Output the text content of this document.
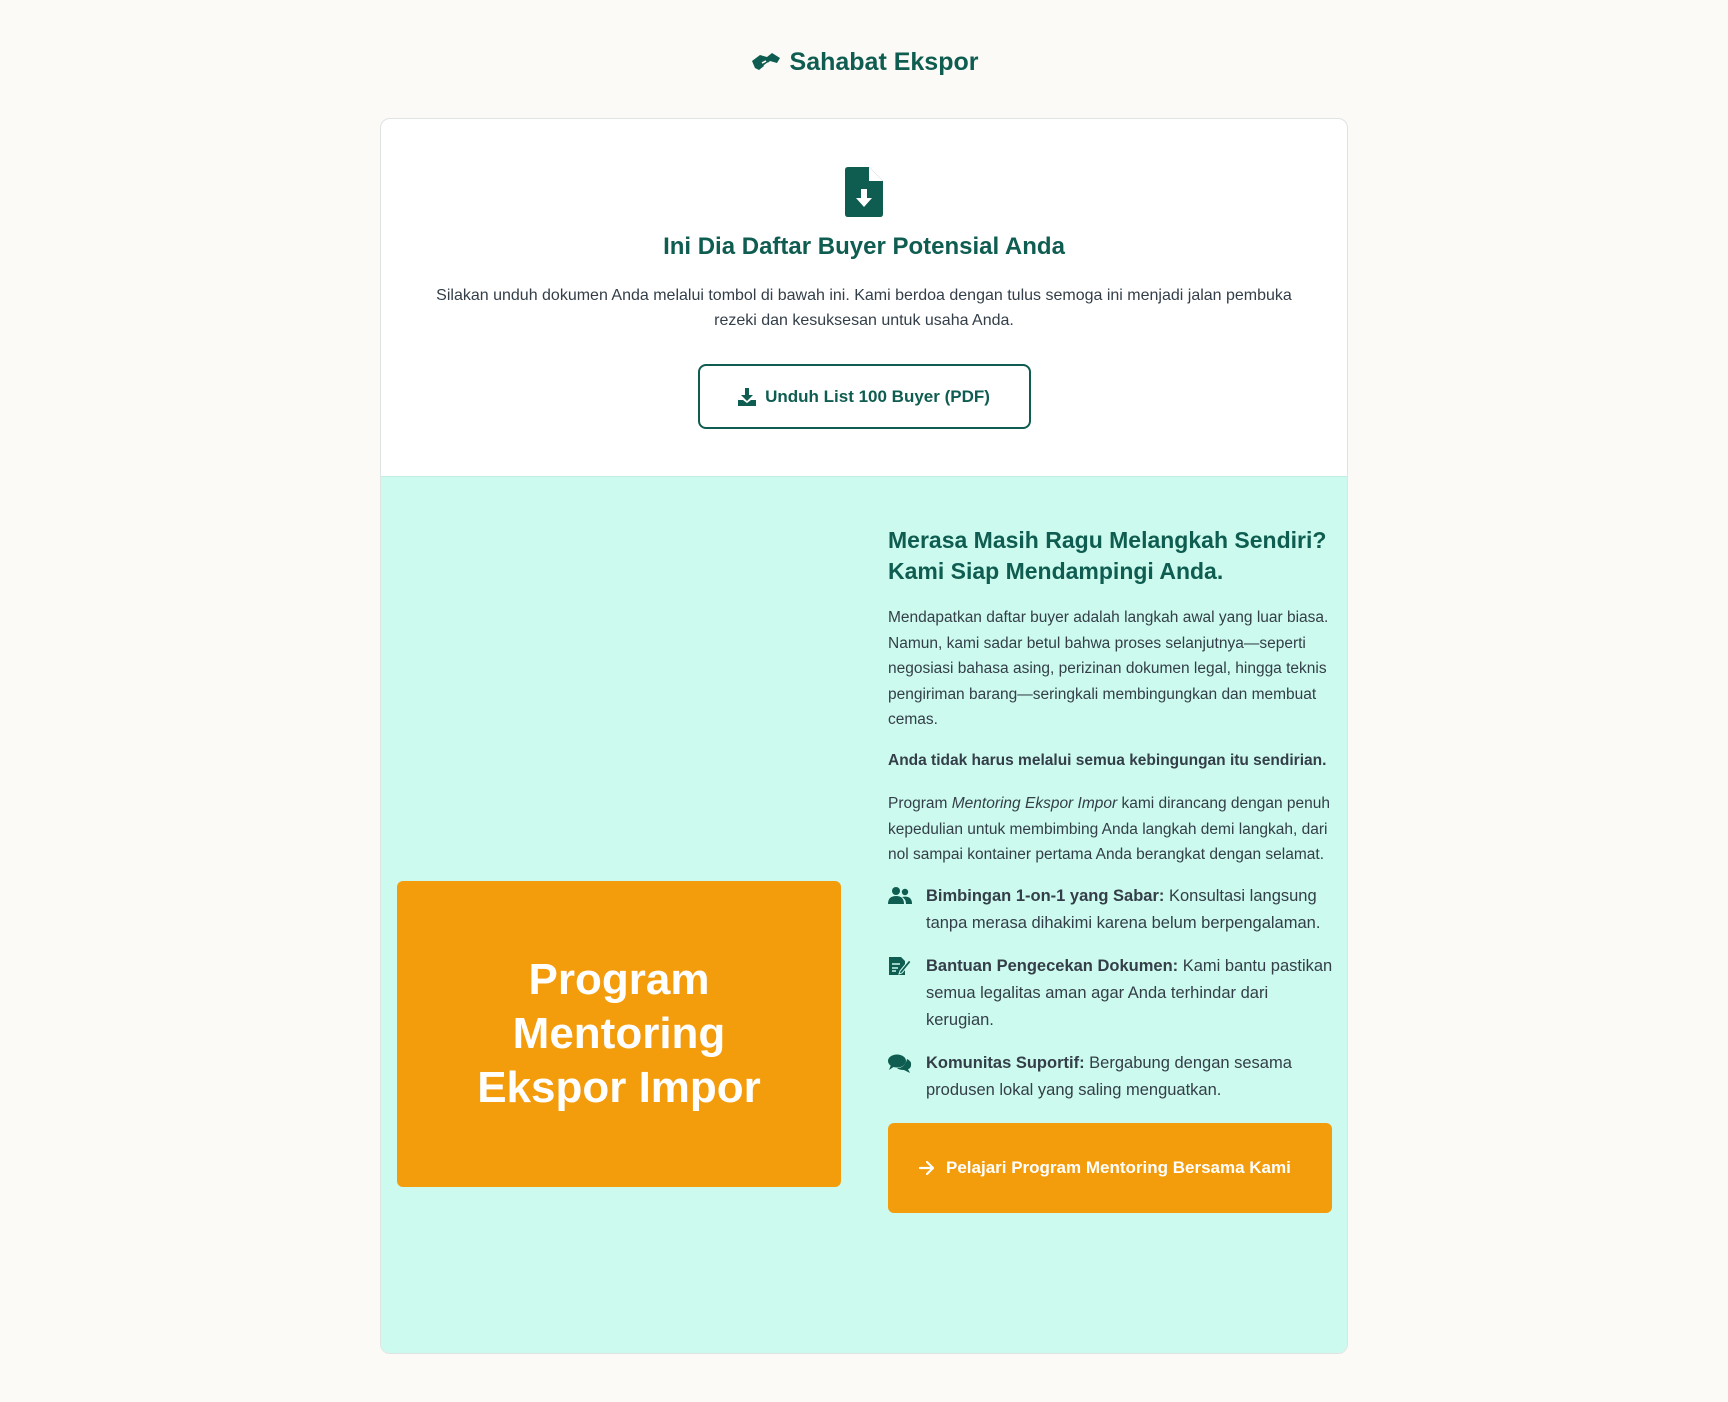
Sahabat Ekspor
Ini Dia Daftar Buyer Potensial Anda

Silakan unduh dokumen Anda melalui tombol di bawah ini. Kami berdoa dengan tulus semoga ini menjadi jalan pembuka rezeki dan kesuksesan untuk usaha Anda.

Unduh List 100 Buyer (PDF)
Program Mentoring Ekspor Impor
Merasa Masih Ragu Melangkah Sendiri? Kami Siap Mendampingi Anda.

Mendapatkan daftar buyer adalah langkah awal yang luar biasa. Namun, kami sadar betul bahwa proses selanjutnya—seperti negosiasi bahasa asing, perizinan dokumen legal, hingga teknis pengiriman barang—seringkali membingungkan dan membuat cemas.

Anda tidak harus melalui semua kebingungan itu sendirian.

Program Mentoring Ekspor Impor kami dirancang dengan penuh kepedulian untuk membimbing Anda langkah demi langkah, dari nol sampai kontainer pertama Anda berangkat dengan selamat.

Bimbingan 1-on-1 yang Sabar: Konsultasi langsung tanpa merasa dihakimi karena belum berpengalaman.
Bantuan Pengecekan Dokumen: Kami bantu pastikan semua legalitas aman agar Anda terhindar dari kerugian.
Komunitas Suportif: Bergabung dengan sesama produsen lokal yang saling menguatkan.
Pelajari Program Mentoring Bersama Kami
